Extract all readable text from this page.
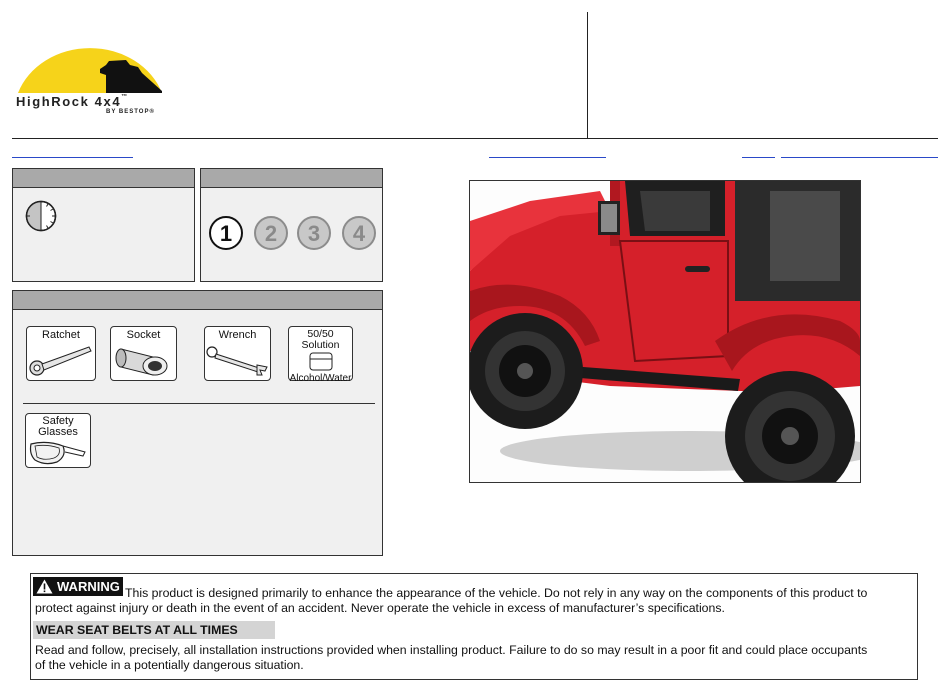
HighRock 4x4™
BY BESTOP®
1	2	3	4
Ratchet	Socket	Wrench	50/50
Solution
Alcohol/Water
Safety
Glasses
WARNING This product is designed primarily to enhance the appearance of the vehicle. Do not rely in any way on the components of this product to
protect against injury or death in the event of an accident. Never operate the vehicle in excess of manufacturer’s specifications.
WEAR SEAT BELTS AT ALL TIMES
Read and follow, precisely, all installation instructions provided when installing product. Failure to do so may result in a poor fit and could place occupants
of the vehicle in a potentially dangerous situation.
